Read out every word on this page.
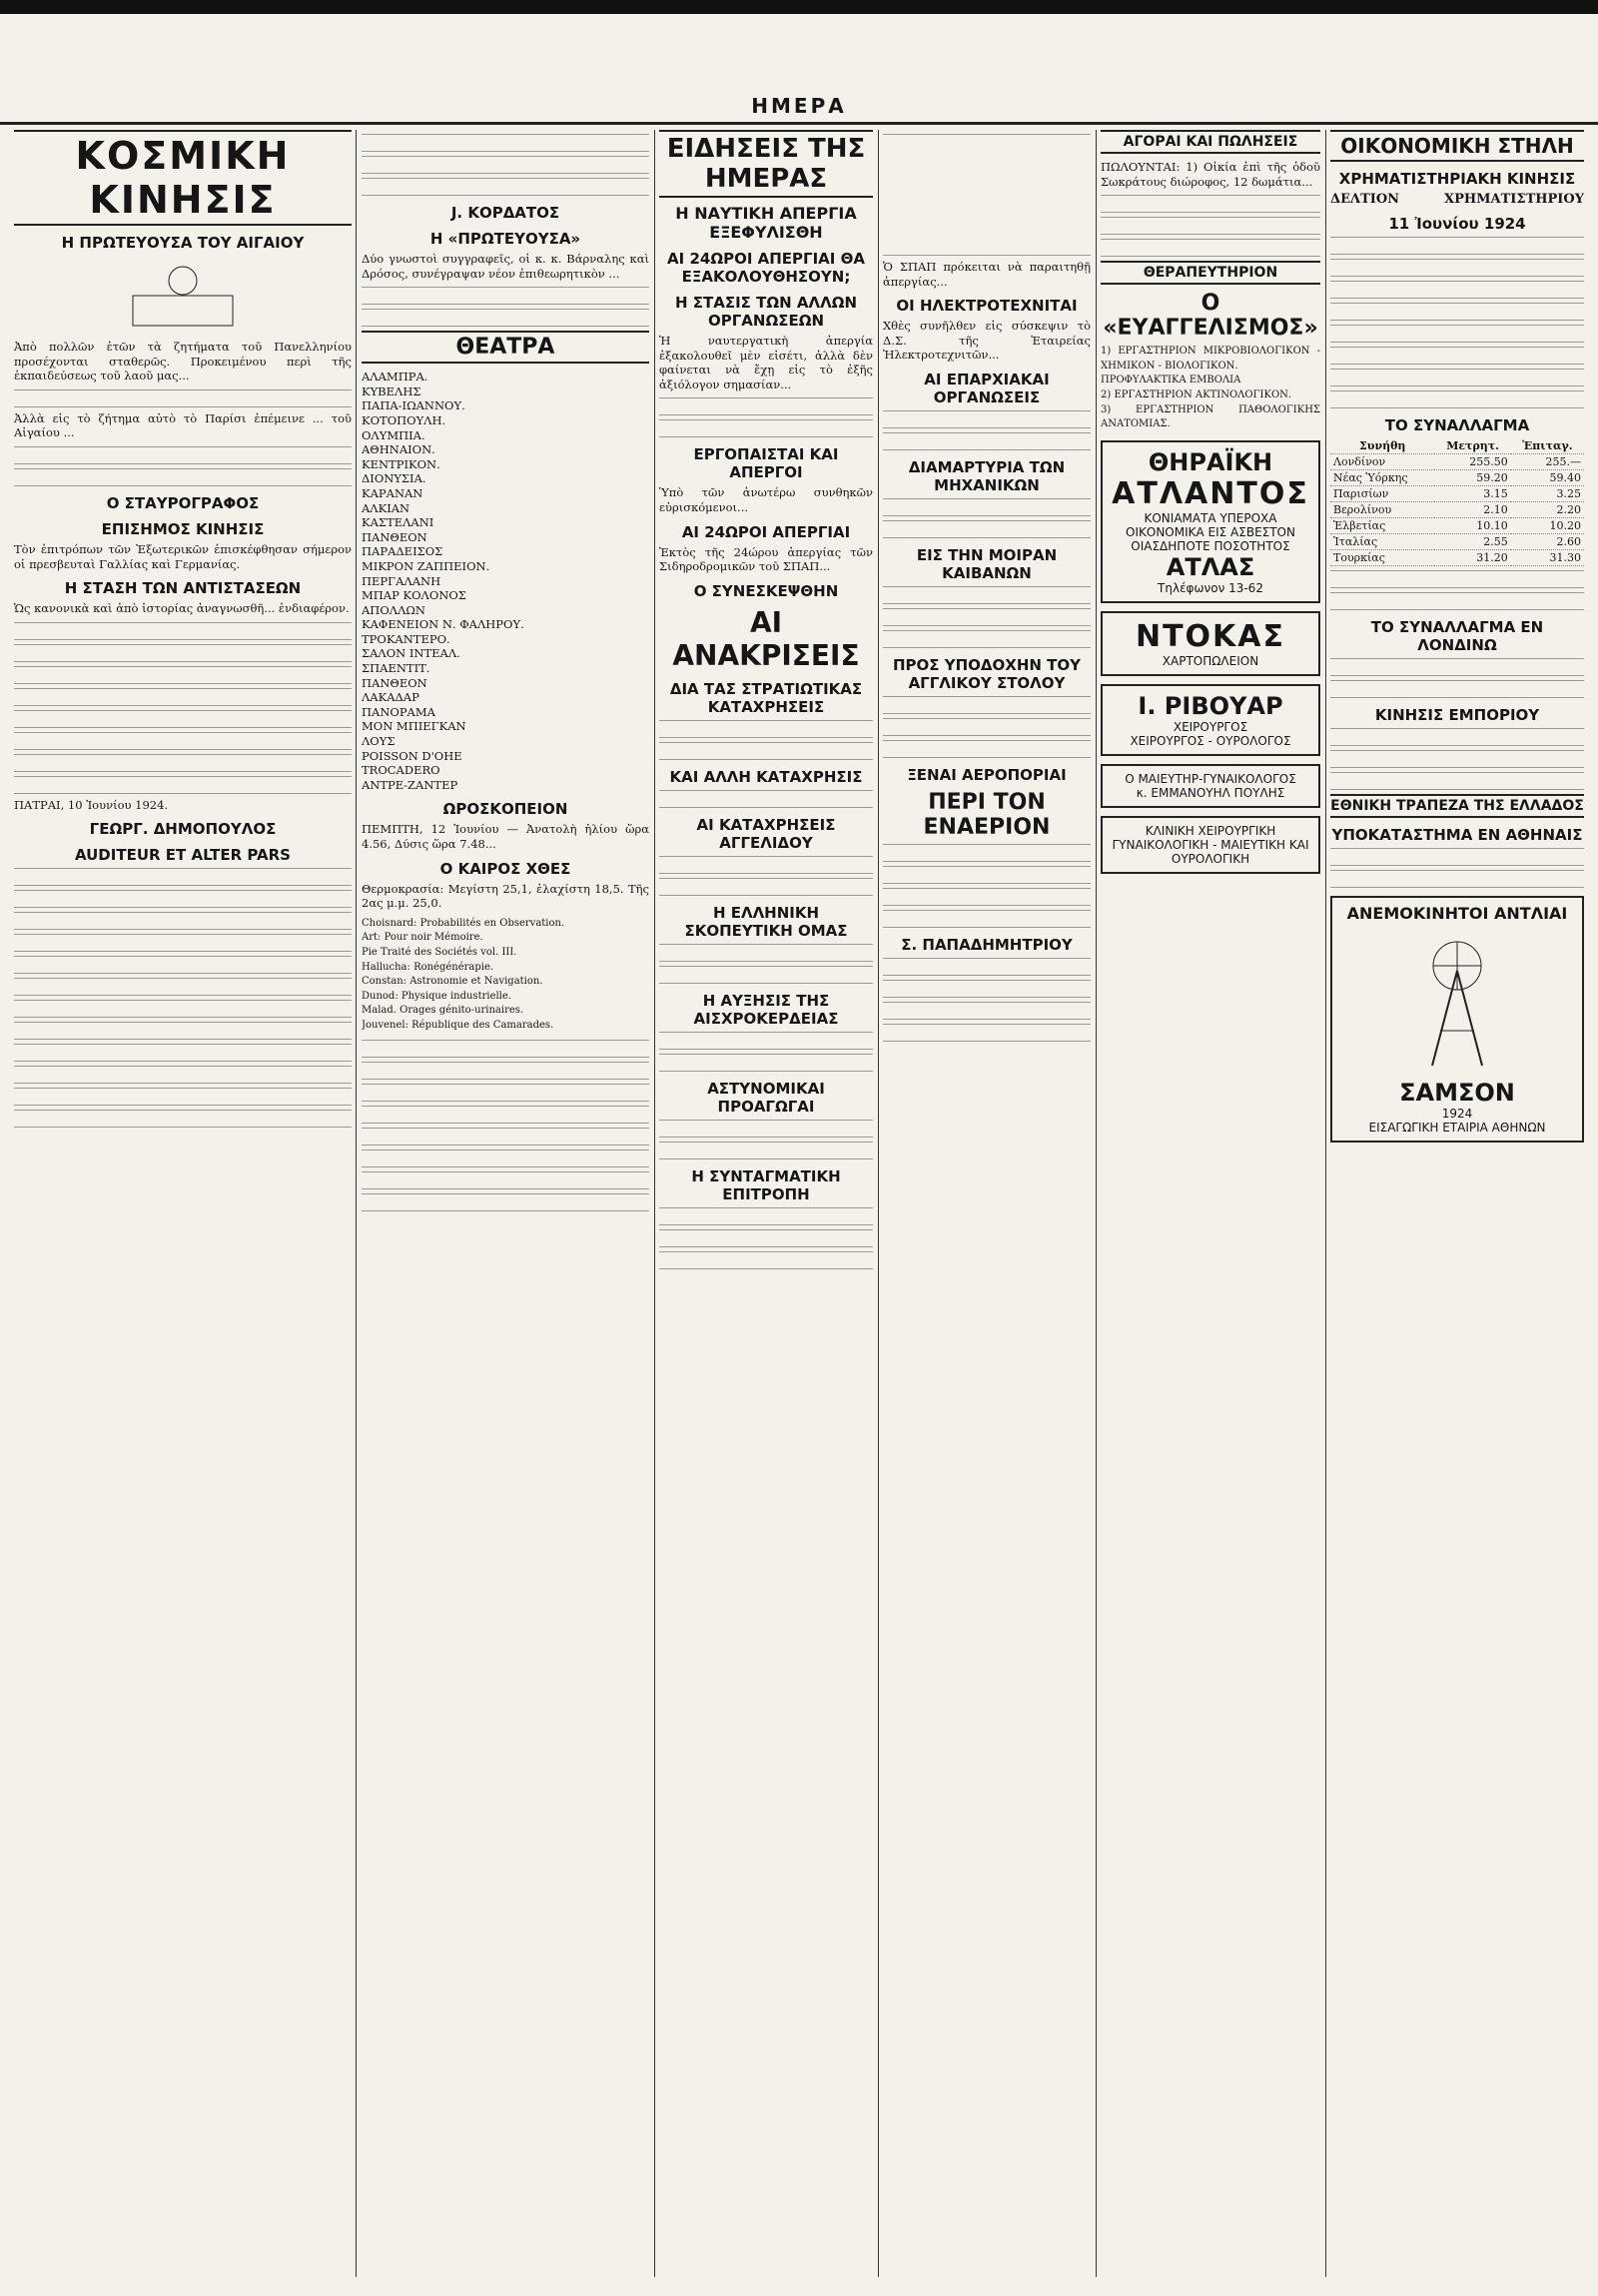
ΗΜΕΡΑ
ΚΟΣΜΙΚΗ ΚΙΝΗΣΙΣ
Η ΠΡΩΤΕΥΟΥΣΑ ΤΟΥ ΑΙΓΑΙΟΥ

Ἀπὸ πολλῶν ἐτῶν τὰ ζητήματα τοῦ Πανελληνίου προσέχονται σταθερῶς. Προκειμένου περὶ τῆς ἐκπαιδεύσεως τοῦ λαοῦ μας...

Ἀλλὰ εἰς τὸ ζήτημα αὐτὸ τὸ Παρίσι ἐπέμεινε ... τοῦ Αἰγαίου ...

Ο ΣΤΑΥΡΟΓΡΑΦΟΣ
ΕΠΙΣΗΜΟΣ ΚΙΝΗΣΙΣ

Τὸν ἐπιτρόπων τῶν Ἐξωτερικῶν ἐπισκέφθησαν σήμερον οἱ πρεσβευταὶ Γαλλίας καὶ Γερμανίας.

Η ΣΤΑΣΗ ΤΩΝ ΑΝΤΙΣΤΑΣΕΩΝ

Ὡς κανονικὰ καὶ ἀπὸ ἱστορίας ἀναγνωσθῆ... ἐνδιαφέρον.

ΠΑΤΡΑΙ, 10 Ἰουνίου 1924.

ΓΕΩΡΓ. ΔΗΜΟΠΟΥΛΟΣ
AUDITEUR ET ALTER PARS
J. ΚΟΡΔΑΤΟΣ
Η «ΠΡΩΤΕΥΟΥΣΑ»

Δύο γνωστοὶ συγγραφεῖς, οἱ κ. κ. Βάρναλης καὶ Δρόσος, συνέγραψαν νέον ἐπιθεωρητικὸν ...

ΘΕΑΤΡΑ
ΑΛΑΜΠΡΑ.
ΚΥΒΕΛΗΣ
ΠΑΠΑ-ΙΩΑΝΝΟΥ.
ΚΟΤΟΠΟΥΛΗ.
ΟΛΥΜΠΙΑ.
ΑΘΗΝΑΙΟΝ.
ΚΕΝΤΡΙΚΟΝ.
ΔΙΟΝΥΣΙΑ.
ΚΑΡΑΝΑΝ
ΑΛΚΙΑΝ
ΚΑΣΤΕΛΑΝΙ
ΠΑΝΘΕΟΝ
ΠΑΡΑΔΕΙΣΟΣ
ΜΙΚΡΟΝ ΖΑΠΠΕΙΟΝ.
ΠΕΡΓΑΛΑΝΗ
ΜΠΑΡ ΚΟΛΟΝΟΣ
ΑΠΟΛΛΩΝ
ΚΑΦΕΝΕΙΟΝ Ν. ΦΑΛΗΡΟΥ.
ΤΡΟΚΑΝΤΕΡΟ.
ΣΑΛΟΝ ΙΝΤΕΑΛ.
ΣΠΑΕΝΤΙΤ.
ΠΑΝΘΕΟΝ
ΛΑΚΑΔΑΡ
ΠΑΝΟΡΑΜΑ
ΜΟΝ ΜΠΙΕΓΚΑΝ
ΛΟΥΣ
POISSON D'OHE
TROCADERO
ΑΝΤΡΕ-ΖΑΝΤΕΡ
ΩΡΟΣΚΟΠΕΙΟΝ

ΠΕΜΠΤΗ, 12 Ἰουνίου — Ἀνατολὴ ἡλίου ὥρα 4.56, Δύσις ὥρα 7.48...

Ο ΚΑΙΡΟΣ ΧΘΕΣ

Θερμοκρασία: Μεγίστη 25,1, ἐλαχίστη 18,5. Τῆς 2ας μ.μ. 25,0.

Choisnard: Probabilités en Observation.
Art: Pour noir Mémoire.
Pie Traité des Sociétés vol. III.
Hallucha: Ronégénérapie.
Constan: Astronomie et Navigation.
Dunod: Physique industrielle.
Malad. Orages génito-urinaires.
Jouvenel: République des Camarades.
ΕΙΔΗΣΕΙΣ ΤΗΣ ΗΜΕΡΑΣ
Η ΝΑΥΤΙΚΗ ΑΠΕΡΓΙΑ ΕΞΕΦΥΛΙΣΘΗ
ΑΙ 24ΩΡΟΙ ΑΠΕΡΓΙΑΙ ΘΑ ΕΞΑΚΟΛΟΥΘΗΣΟΥΝ;
Η ΣΤΑΣΙΣ ΤΩΝ ΑΛΛΩΝ ΟΡΓΑΝΩΣΕΩΝ

Ἡ ναυτεργατικὴ ἀπεργία ἐξακολουθεῖ μὲν εἰσέτι, ἀλλὰ δὲν φαίνεται νὰ ἔχῃ εἰς τὸ ἐξῆς ἀξιόλογον σημασίαν...

ΕΡΓΟΠΑΙΣΤΑΙ ΚΑΙ ΑΠΕΡΓΟΙ

Ὑπὸ τῶν ἀνωτέρω συνθηκῶν εὐρισκόμενοι...

ΑΙ 24ΩΡΟΙ ΑΠΕΡΓΙΑΙ

Ἐκτὸς τῆς 24ώρου ἀπεργίας τῶν Σιδηροδρομικῶν τοῦ ΣΠΑΠ...

Ο ΣΥΝΕΣΚΕΨΘΗΝ
ΑΙ ΑΝΑΚΡΙΣΕΙΣ
ΔΙΑ ΤΑΣ ΣΤΡΑΤΙΩΤΙΚΑΣ ΚΑΤΑΧΡΗΣΕΙΣ
ΚΑΙ ΑΛΛΗ ΚΑΤΑΧΡΗΣΙΣ
ΑΙ ΚΑΤΑΧΡΗΣΕΙΣ ΑΓΓΕΛΙΔΟΥ
Η ΕΛΛΗΝΙΚΗ ΣΚΟΠΕΥΤΙΚΗ ΟΜΑΣ
Η ΑΥΞΗΣΙΣ ΤΗΣ ΑΙΣΧΡΟΚΕΡΔΕΙΑΣ
ΑΣΤΥΝΟΜΙΚΑΙ ΠΡΟΑΓΩΓΑΙ
Η ΣΥΝΤΑΓΜΑΤΙΚΗ ΕΠΙΤΡΟΠΗ

Ὁ ΣΠΑΠ πρόκειται νὰ παραιτηθῇ ἀπεργίας...

ΟΙ ΗΛΕΚΤΡΟΤΕΧΝΙΤΑΙ

Χθὲς συνῆλθεν εἰς σύσκεψιν τὸ Δ.Σ. τῆς Ἑταιρείας Ἠλεκτροτεχνιτῶν...

ΑΙ ΕΠΑΡΧΙΑΚΑΙ ΟΡΓΑΝΩΣΕΙΣ
ΔΙΑΜΑΡΤΥΡΙΑ ΤΩΝ ΜΗΧΑΝΙΚΩΝ
ΕΙΣ ΤΗΝ ΜΟΙΡΑΝ ΚΑΙΒΑΝΩΝ
ΠΡΟΣ ΥΠΟΔΟΧΗΝ ΤΟΥ ΑΓΓΛΙΚΟΥ ΣΤΟΛΟΥ
ΞΕΝΑΙ ΑΕΡΟΠΟΡΙΑΙ
ΠΕΡΙ ΤΟΝ ΕΝΑΕΡΙΟΝ
Σ. ΠΑΠΑΔΗΜΗΤΡΙΟΥ
ΑΓΟΡΑΙ ΚΑΙ ΠΩΛΗΣΕΙΣ

ΠΩΛΟΥΝΤΑΙ: 1) Οἰκία ἐπὶ τῆς ὁδοῦ Σωκράτους διώροφος, 12 δωμάτια...

ΘΕΡΑΠΕΥΤΗΡΙΟΝ
Ο «ΕΥΑΓΓΕΛΙΣΜΟΣ»
1) ΕΡΓΑΣΤΗΡΙΟΝ ΜΙΚΡΟΒΙΟΛΟΓΙΚΟΝ - ΧΗΜΙΚΟΝ - ΒΙΟΛΟΓΙΚΟΝ.
ΠΡΟΦΥΛΑΚΤΙΚΑ ΕΜΒΟΛΙΑ
2) ΕΡΓΑΣΤΗΡΙΟΝ ΑΚΤΙΝΟΛΟΓΙΚΟΝ.
3) ΕΡΓΑΣΤΗΡΙΟΝ ΠΑΘΟΛΟΓΙΚΗΣ ΑΝΑΤΟΜΙΑΣ.
ΘΗΡΑΪΚΗ
ΑΤΛΑΝΤΟΣ
ΚΟΝΙΑΜΑΤΑ ΥΠΕΡΟΧΑ
ΟΙΚΟΝΟΜΙΚΑ ΕΙΣ ΑΣΒΕΣΤΟΝ
ΟΙΑΣΔΗΠΟΤΕ ΠΟΣΟΤΗΤΟΣ
ΑΤΛΑΣ
Τηλέφωνον 13-62
ΝΤΟΚΑΣ
ΧΑΡΤΟΠΩΛΕΙΟΝ
I. ΡΙΒΟΥΑΡ
ΧΕΙΡΟΥΡΓΟΣ
ΧΕΙΡΟΥΡΓΟΣ - ΟΥΡΟΛΟΓΟΣ
Ο ΜΑΙΕΥΤΗΡ-ΓΥΝΑΙΚΟΛΟΓΟΣ
κ. ΕΜΜΑΝΟΥΗΛ ΠΟΥΛΗΣ
ΚΛΙΝΙΚΗ ΧΕΙΡΟΥΡΓΙΚΗ
ΓΥΝΑΙΚΟΛΟΓΙΚΗ - ΜΑΙΕΥΤΙΚΗ ΚΑΙ ΟΥΡΟΛΟΓΙΚΗ
ΟΙΚΟΝΟΜΙΚΗ ΣΤΗΛΗ
ΧΡΗΜΑΤΙΣΤΗΡΙΑΚΗ ΚΙΝΗΣΙΣ
ΔΕΛΤΙΟΝ	ΧΡΗΜΑΤΙΣΤΗΡΙΟΥ
11 Ἰουνίου 1924
ΤΟ ΣΥΝΑΛΛΑΓΜΑ
Συνήθη	Μετρητ.	Ἐπιταγ.
Λονδίνον	255.50	255.—
Νέας Ὑόρκης	59.20	59.40
Παρισίων	3.15	3.25
Βερολίνου	2.10	2.20
Ἑλβετίας	10.10	10.20
Ἰταλίας	2.55	2.60
Τουρκίας	31.20	31.30
ΤΟ ΣΥΝΑΛΛΑΓΜΑ ΕΝ ΛΟΝΔΙΝΩ
ΚΙΝΗΣΙΣ ΕΜΠΟΡΙΟΥ
ΕΘΝΙΚΗ ΤΡΑΠΕΖΑ ΤΗΣ ΕΛΛΑΔΟΣ
ΥΠΟΚΑΤΑΣΤΗΜΑ ΕΝ ΑΘΗΝΑΙΣ
ΑΝΕΜΟΚΙΝΗΤΟΙ ΑΝΤΛΙΑΙ
ΣΑΜΣΟΝ
1924
ΕΙΣΑΓΩΓΙΚΗ ΕΤΑΙΡΙΑ ΑΘΗΝΩΝ
